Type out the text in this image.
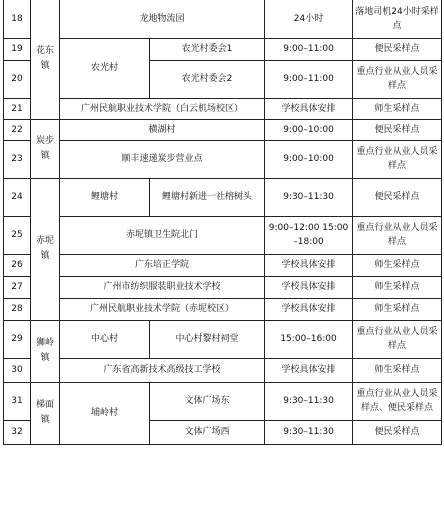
18	花东镇	龙地物流园		24小时	落地司机24小时采样点
19		农光村	农光村委会1	9:00–11:00	便民采样点
20			农光村委会2	9:00–11:00	重点行业从业人员采样点
21		广州民航职业技术学院（白云机场校区）		学校具体安排	师生采样点
22	炭步镇	横湖村		9:00–10:00	便民采样点
23		顺丰速递炭步营业点		9:00–10:00	重点行业从业人员采样点
24	赤坭镇	鲤塘村	鲤塘村新进一社榕树头	9:30–11:30	便民采样点
25		赤坭镇卫生院北门		9:00–12:00 15:00–18:00	重点行业从业人员采样点
26		广东培正学院		学校具体安排	师生采样点
27		广州市纺织服装职业技术学校		学校具体安排	师生采样点
28		广州民航职业技术学院（赤坭校区）		学校具体安排	师生采样点
29	狮岭镇	中心村	中心村黎村祠堂	15:00–16:00	重点行业从业人员采样点
30		广东省高新技术高级技工学校		学校具体安排	师生采样点
31	梯面镇	埔岭村	文体广场东	9:30–11:30	重点行业从业人员采样点、便民采样点
32			文体广场西	9:30–11:30	便民采样点
